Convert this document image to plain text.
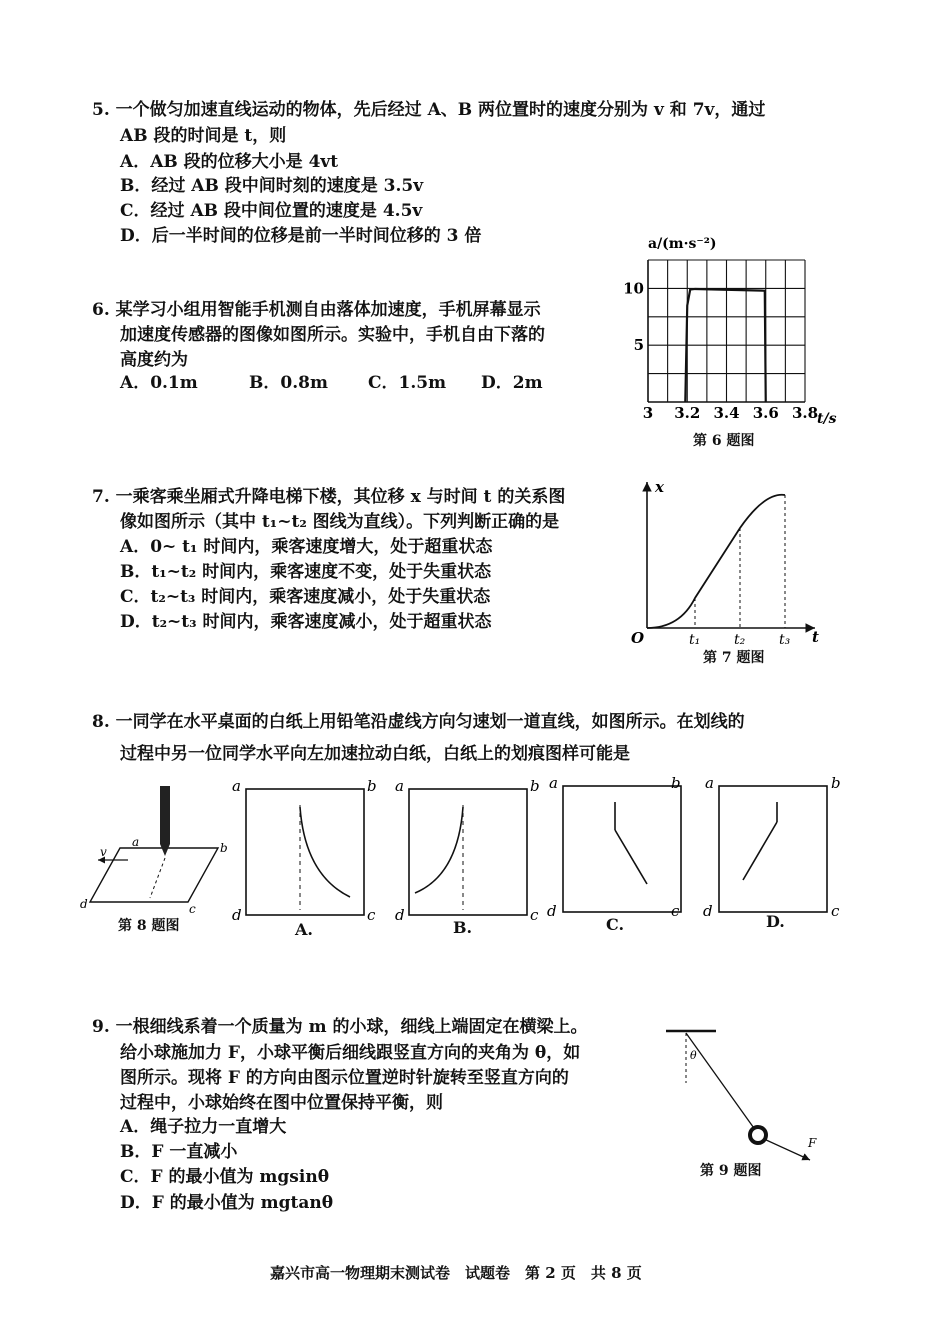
5. 一个做匀加速直线运动的物体，先后经过 A、B 两位置时的速度分别为 v 和 7v，通过
AB 段的时间是 t，则
A．AB 段的位移大小是 4vt
B．经过 AB 段中间时刻的速度是 3.5v
C．经过 AB 段中间位置的速度是 4.5v
D．后一半时间的位移是前一半时间位移的 3 倍
6. 某学习小组用智能手机测自由落体加速度，手机屏幕显示
加速度传感器的图像如图所示。实验中，手机自由下落的
高度约为
A．0.1m	B．0.8m C．1.5m D．2m
3 3.2 3.4 3.6 3.8
5
10
a/(m·s⁻²)
t/s
第 6 题图
7. 一乘客乘坐厢式升降电梯下楼，其位移 x 与时间 t 的关系图
像如图所示（其中 t₁~t₂ 图线为直线）。下列判断正确的是
A．0~ t₁ 时间内，乘客速度增大，处于超重状态
B．t₁~t₂ 时间内，乘客速度不变，处于失重状态
C．t₂~t₃ 时间内，乘客速度减小，处于失重状态
D．t₂~t₃ 时间内，乘客速度减小，处于超重状态
x
t
O	t₁ t₂ t₃
第 7 题图
8. 一同学在水平桌面的白纸上用铅笔沿虚线方向匀速划一道直线，如图所示。在划线的
过程中另一位同学水平向左加速拉动白纸，白纸上的划痕图样可能是
v
a	b
c
d
第 8 题图
a	b
c
d
A.
a	b
c
d
B.
a	b
c
d
C.
a	b
c
d
D.
9. 一根细线系着一个质量为 m 的小球，细线上端固定在横梁上。
给小球施加力 F，小球平衡后细线跟竖直方向的夹角为 θ，如
图所示。现将 F 的方向由图示位置逆时针旋转至竖直方向的
过程中，小球始终在图中位置保持平衡，则
A．绳子拉力一直增大
B．F 一直减小
C．F 的最小值为 mgsinθ
D．F 的最小值为 mgtanθ
θ
F
第 9 题图
嘉兴市高一物理期末测试卷　试题卷　第 2 页　共 8 页
